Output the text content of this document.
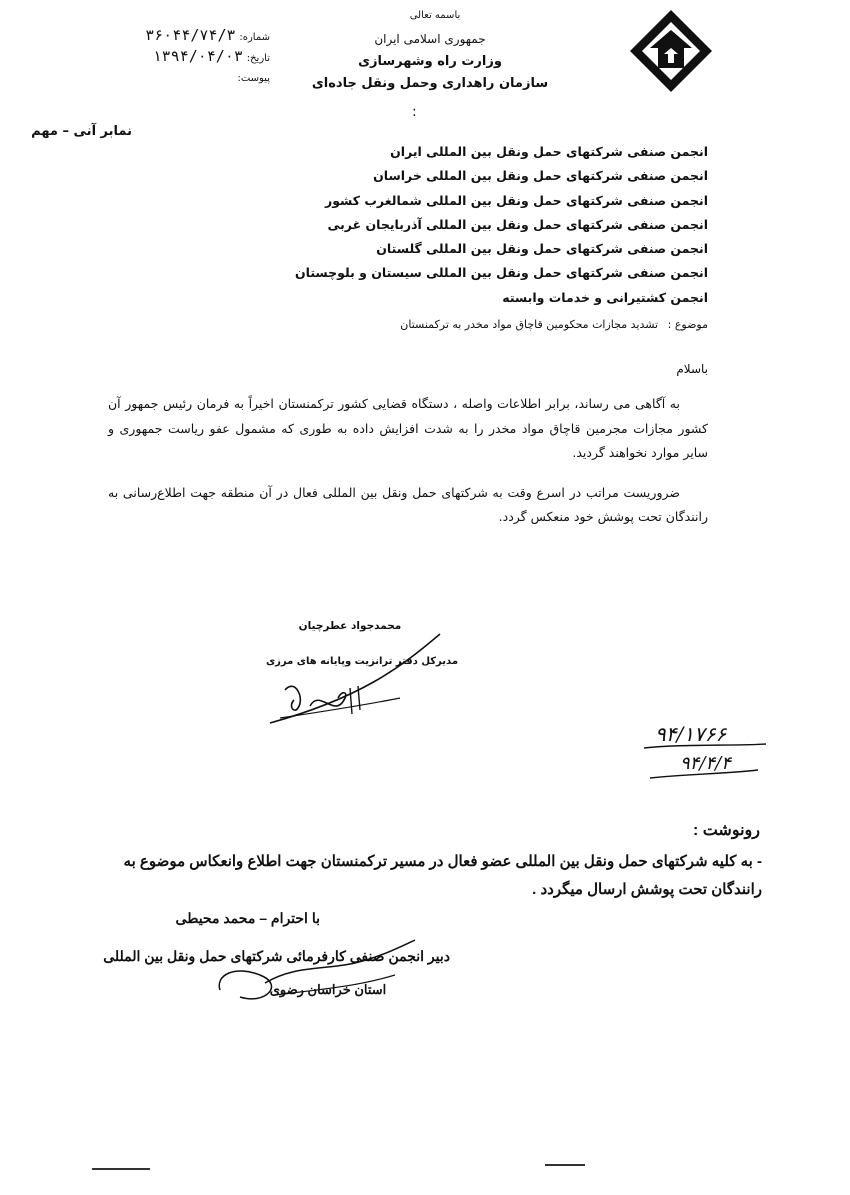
باسمه تعالی
جمهوری اسلامی ایران
وزارت راه وشهرسازی
سازمان راهداری وحمل ونقل جاده‌ای
شماره: ۳۶۰۴۴/۷۴/۳
تاریخ: ۱۳۹۴/۰۴/۰۳
پیوست:
:
نمابر آنی – مهم
انجمن صنفی شرکتهای حمل ونقل بین المللی ایران
انجمن صنفی شرکتهای حمل ونقل بین المللی خراسان
انجمن صنفی شرکتهای حمل ونقل بین المللی شمالغرب کشور
انجمن صنفی شرکتهای حمل ونقل بین المللی آذربایجان غربی
انجمن صنفی شرکتهای حمل ونقل بین المللی گلستان
انجمن صنفی شرکتهای حمل ونقل بین المللی سیستان و بلوچستان
انجمن کشتیرانی و خدمات وابسته
موضوع : تشدید مجازات محکومین قاچاق مواد مخدر به ترکمنستان
باسلام

به آگاهی می رساند، برابر اطلاعات واصله ، دستگاه قضایی کشور ترکمنستان اخیراً به فرمان رئیس جمهور آن کشور مجازات مجرمین قاچاق مواد مخدر را به شدت افزایش داده به طوری که مشمول عفو ریاست جمهوری و سایر موارد نخواهند گردید.

ضروریست مراتب در اسرع وقت به شرکتهای حمل ونقل بین المللی فعال در آن منطقه جهت اطلاع‌رسانی به رانندگان تحت پوشش خود منعکس گردد.

محمدجواد عطرچیان
مدیرکل دفتر ترانزیت وپایانه های مرزی
۹۴/۱۷۶۶
۹۴/۴/۴
رونوشت :
- به کلیه شرکتهای حمل ونقل بین المللی عضو فعال در مسیر ترکمنستان جهت اطلاع وانعکاس موضوع به
رانندگان تحت پوشش ارسال میگردد .
با احترام – محمد محیطی
دبیر انجمن صنفی کارفرمائی شرکتهای حمل ونقل بین المللی
استان خراسان رضوی
